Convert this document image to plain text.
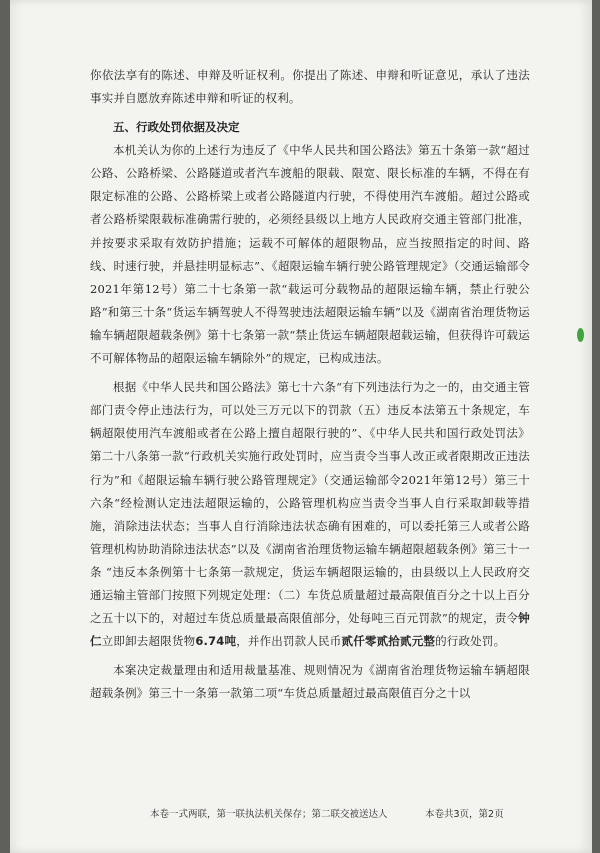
你依法享有的陈述、申辩及听证权利。你提出了陈述、申辩和听证意见，承认了违法事实并自愿放弃陈述申辩和听证的权利。

五、行政处罚依据及决定

本机关认为你的上述行为违反了《中华人民共和国公路法》第五十条第一款“超过公路、公路桥梁、公路隧道或者汽车渡船的限载、限宽、限长标准的车辆，不得在有限定标准的公路、公路桥梁上或者公路隧道内行驶，不得使用汽车渡船。超过公路或者公路桥梁限载标准确需行驶的，必须经县级以上地方人民政府交通主管部门批准，并按要求采取有效防护措施；运载不可解体的超限物品，应当按照指定的时间、路线、时速行驶，并悬挂明显标志”、《超限运输车辆行驶公路管理规定》（交通运输部令2021年第12号）第二十七条第一款“载运可分载物品的超限运输车辆，禁止行驶公路”和第三十条“货运车辆驾驶人不得驾驶违法超限运输车辆”以及《湖南省治理货物运输车辆超限超载条例》第十七条第一款“禁止货运车辆超限超载运输，但获得许可载运不可解体物品的超限运输车辆除外”的规定，已构成违法。

根据《中华人民共和国公路法》第七十六条“有下列违法行为之一的，由交通主管部门责令停止违法行为，可以处三万元以下的罚款（五）违反本法第五十条规定，车辆超限使用汽车渡船或者在公路上擅自超限行驶的”、《中华人民共和国行政处罚法》第二十八条第一款“行政机关实施行政处罚时，应当责令当事人改正或者限期改正违法行为”和《超限运输车辆行驶公路管理规定》（交通运输部令2021年第12号）第三十六条“经检测认定违法超限运输的，公路管理机构应当责令当事人自行采取卸载等措施，消除违法状态；当事人自行消除违法状态确有困难的，可以委托第三人或者公路管理机构协助消除违法状态”以及《湖南省治理货物运输车辆超限超载条例》第三十一条 “违反本条例第十七条第一款规定，货运车辆超限运输的，由县级以上人民政府交通运输主管部门按照下列规定处理：（二）车货总质量超过最高限值百分之十以上百分之五十以下的，对超过车货总质量最高限值部分，处每吨三百元罚款”的规定，责令钟 仁立即卸去超限货物6.74吨，并作出罚款人民币贰仟零贰拾贰元整的行政处罚。

本案决定裁量理由和适用裁量基准、规则情况为《湖南省治理货物运输车辆超限超载条例》第三十一条第一款第二项“车货总质量超过最高限值百分之十以

本卷一式两联，第一联执法机关保存；第二联交被送达人	本卷共3页，第2页
